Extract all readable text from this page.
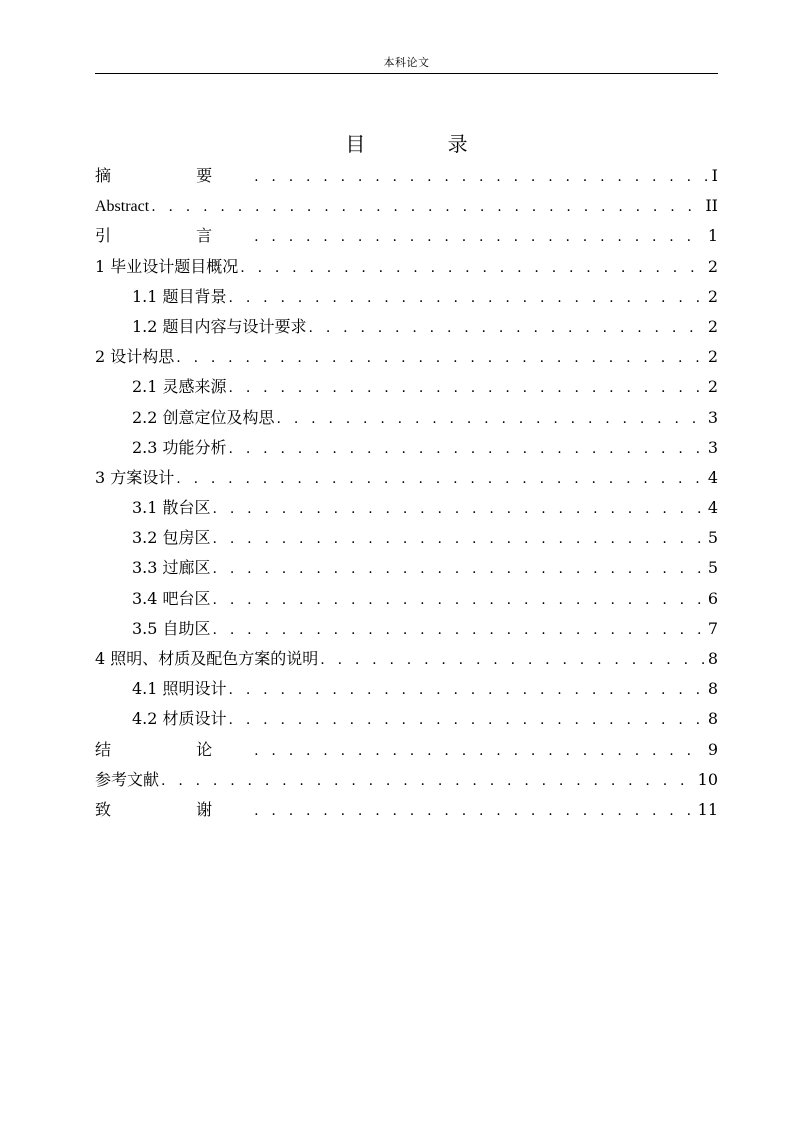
本科论文
目 录
摘 要 . . .	I
Abstract . . .	II
引 言 . . .	1
1 毕业设计题目概况 . . .	2
1.1 题目背景 . . .	2
1.2 题目内容与设计要求 . . .	2
2 设计构思 . . .	2
2.1 灵感来源 . . .	2
2.2 创意定位及构思 . . .	3
2.3 功能分析 . . .	3
3 方案设计 . . .	4
3.1 散台区 . . .	4
3.2 包房区 . . .	5
3.3 过廊区 . . .	5
3.4 吧台区 . . .	6
3.5 自助区 . . .	7
4 照明、材质及配色方案的说明 . . .	8
4.1 照明设计 . . .	8
4.2 材质设计 . . .	8
结 论 . . .	9
参考文献 . . .	10
致 谢 . . .	11
